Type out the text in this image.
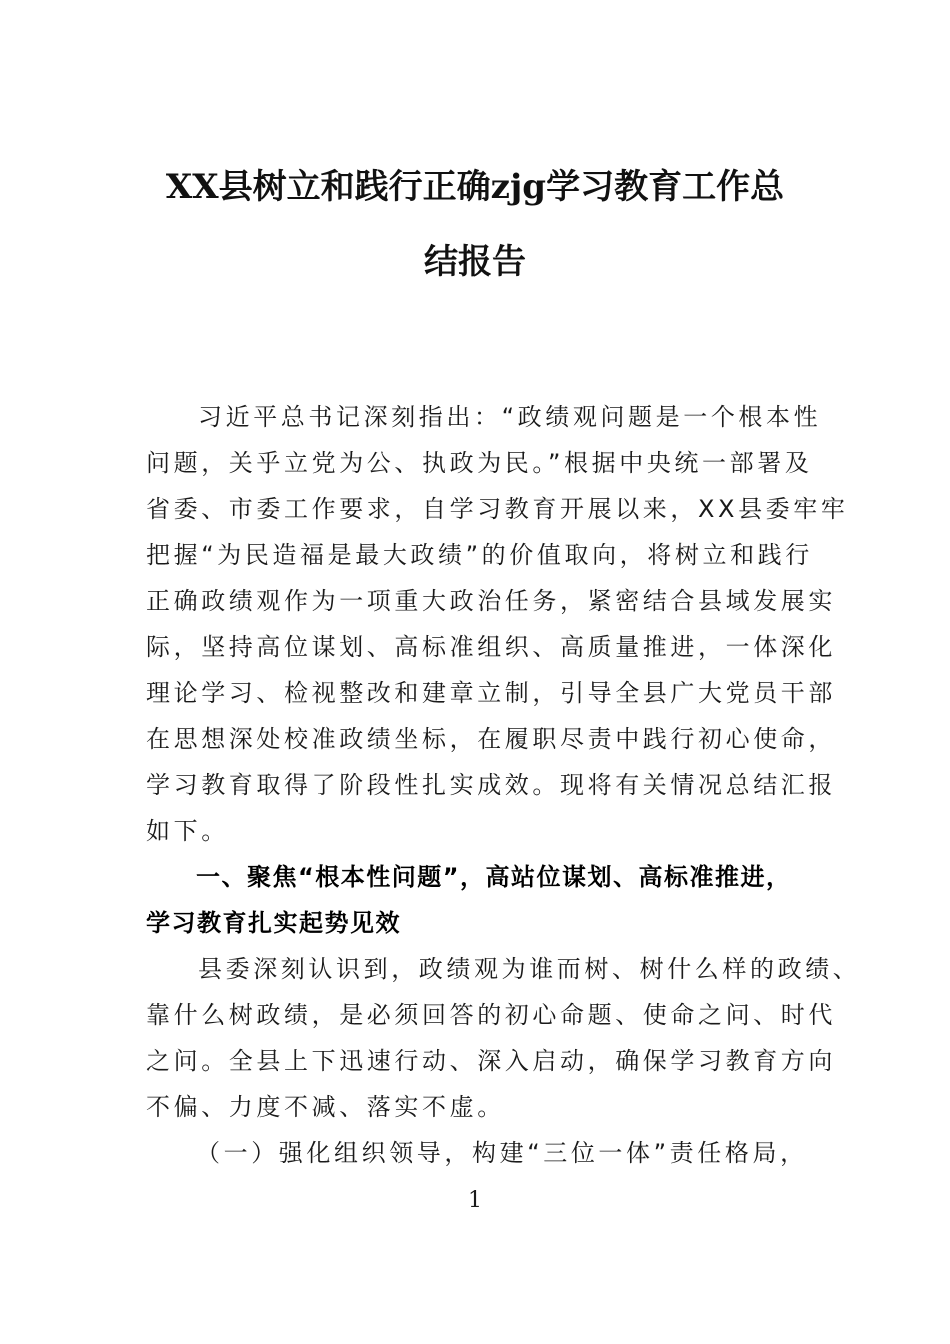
XX县树立和践行正确zjg学习教育工作总
结报告
习近平总书记深刻指出：“政绩观问题是一个根本性
问题，关乎立党为公、执政为民。”根据中央统一部署及
省委、市委工作要求，自学习教育开展以来，XX县委牢牢
把握“为民造福是最大政绩”的价值取向，将树立和践行
正确政绩观作为一项重大政治任务，紧密结合县域发展实
际，坚持高位谋划、高标准组织、高质量推进，一体深化
理论学习、检视整改和建章立制，引导全县广大党员干部
在思想深处校准政绩坐标，在履职尽责中践行初心使命，
学习教育取得了阶段性扎实成效。现将有关情况总结汇报
如下。
一、聚焦“根本性问题”，高站位谋划、高标准推进，
学习教育扎实起势见效
县委深刻认识到，政绩观为谁而树、树什么样的政绩、
靠什么树政绩，是必须回答的初心命题、使命之问、时代
之问。全县上下迅速行动、深入启动，确保学习教育方向
不偏、力度不减、落实不虚。
（一）强化组织领导，构建“三位一体”责任格局，
1
